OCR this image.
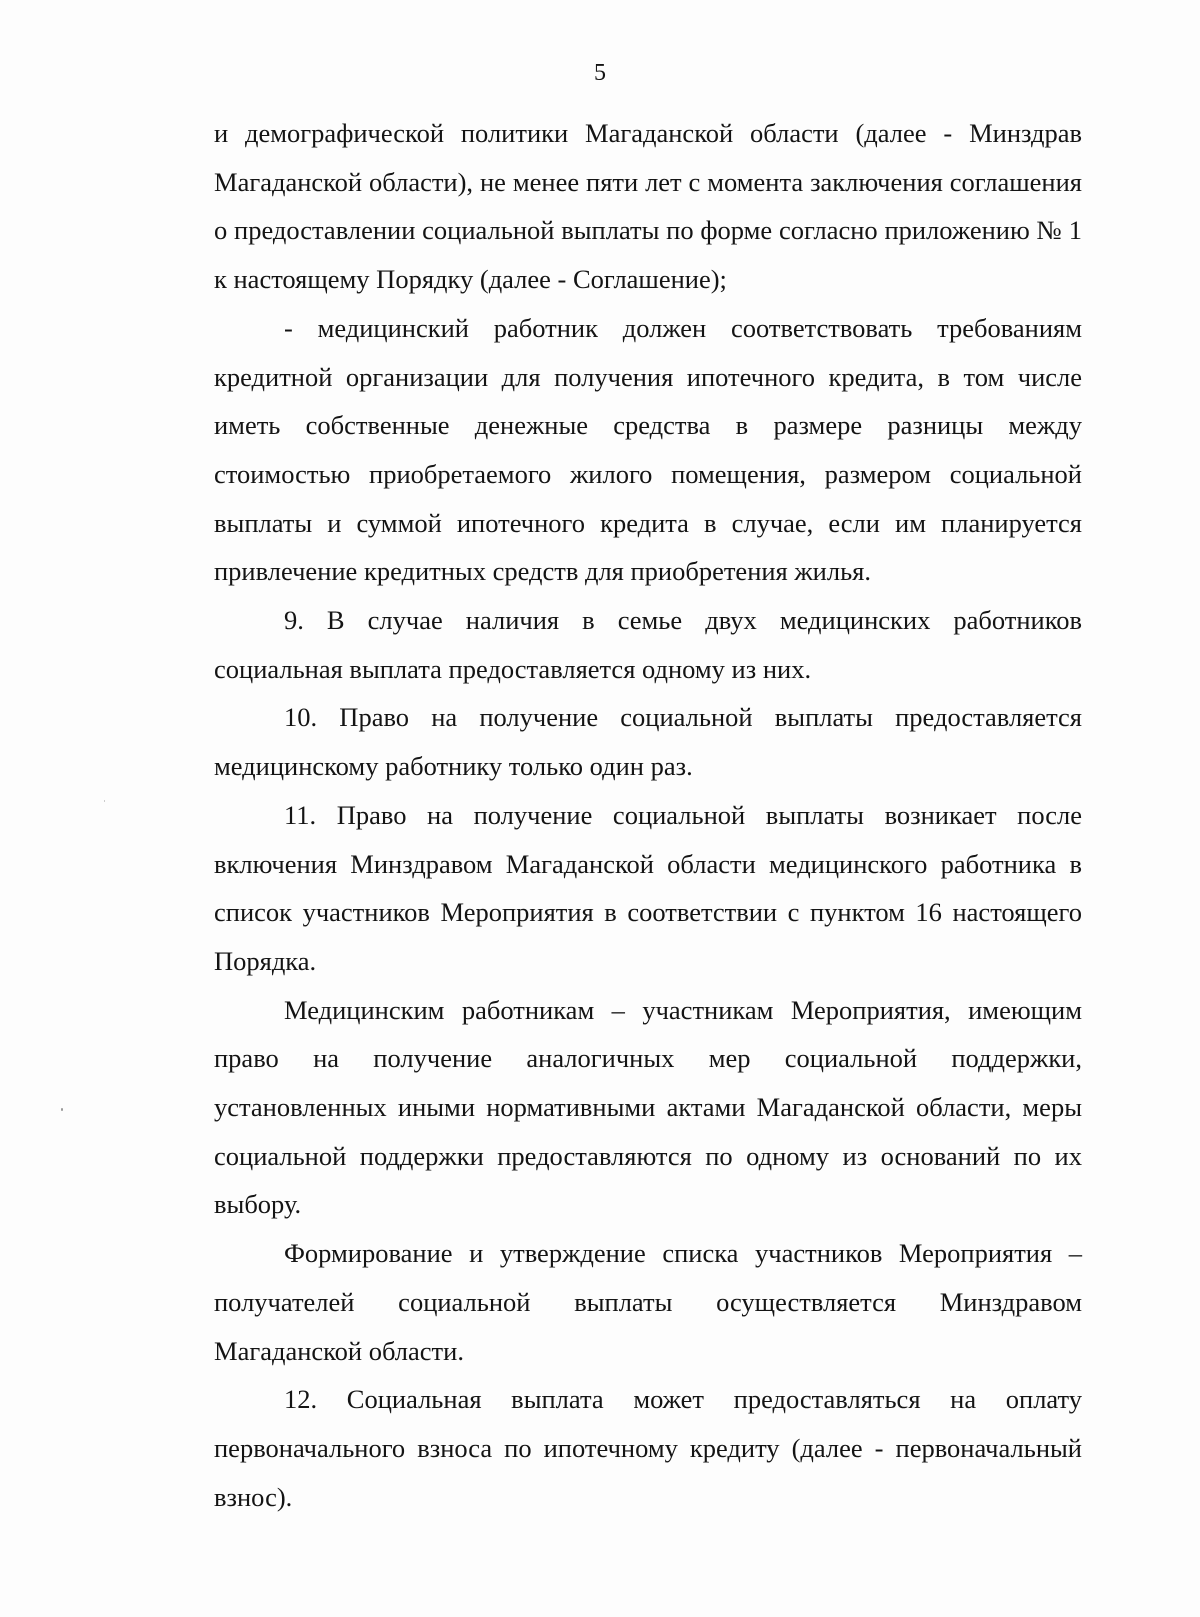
5

и демографической политики Магаданской области (далее - Минздрав Магаданской области), не менее пяти лет с момента заключения соглашения о предоставлении социальной выплаты по форме согласно приложению № 1 к настоящему Порядку (далее - Соглашение);

- медицинский работник должен соответствовать требованиям кредитной организации для получения ипотечного кредита, в том числе иметь собственные денежные средства в размере разницы между стоимостью приобретаемого жилого помещения, размером социальной выплаты и суммой ипотечного кредита в случае, если им планируется привлечение кредитных средств для приобретения жилья.

9. В случае наличия в семье двух медицинских работников социальная выплата предоставляется одному из них.

10. Право на получение социальной выплаты предоставляется медицинскому работнику только один раз.

11. Право на получение социальной выплаты возникает после включения Минздравом Магаданской области медицинского работника в список участников Мероприятия в соответствии с пунктом 16 настоящего Порядка.

Медицинским работникам – участникам Мероприятия, имеющим право на получение аналогичных мер социальной поддержки, установленных иными нормативными актами Магаданской области, меры социальной поддержки предоставляются по одному из оснований по их выбору.

Формирование и утверждение списка участников Мероприятия – получателей социальной выплаты осуществляется Минздравом Магаданской области.

12. Социальная выплата может предоставляться на оплату первоначального взноса по ипотечному кредиту (далее - первоначальный взнос).
